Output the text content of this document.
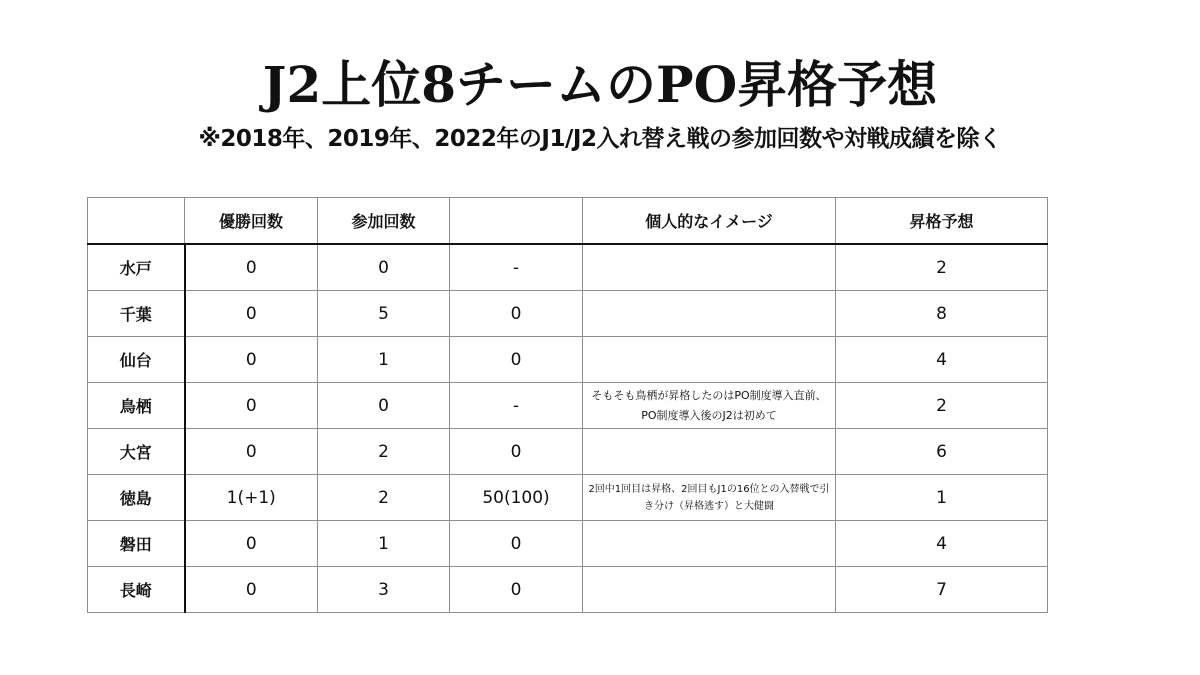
J2上位8チームのPO昇格予想
※2018年、2019年、2022年のJ1/J2入れ替え戦の参加回数や対戦成績を除く
	優勝回数	参加回数		個人的なイメージ	昇格予想
水戸	0	0	-		2
千葉	0	5	0		8
仙台	0	1	0		4
鳥栖	0	0	-	そもそも鳥栖が昇格したのはPO制度導入直前、PO制度導入後のJ2は初めて	2
大宮	0	2	0		6
徳島	1(+1)	2	50(100)	2回中1回目は昇格、2回目もJ1の16位との入替戦で引き分け（昇格逃す）と大健闘	1
磐田	0	1	0		4
長崎	0	3	0		7
